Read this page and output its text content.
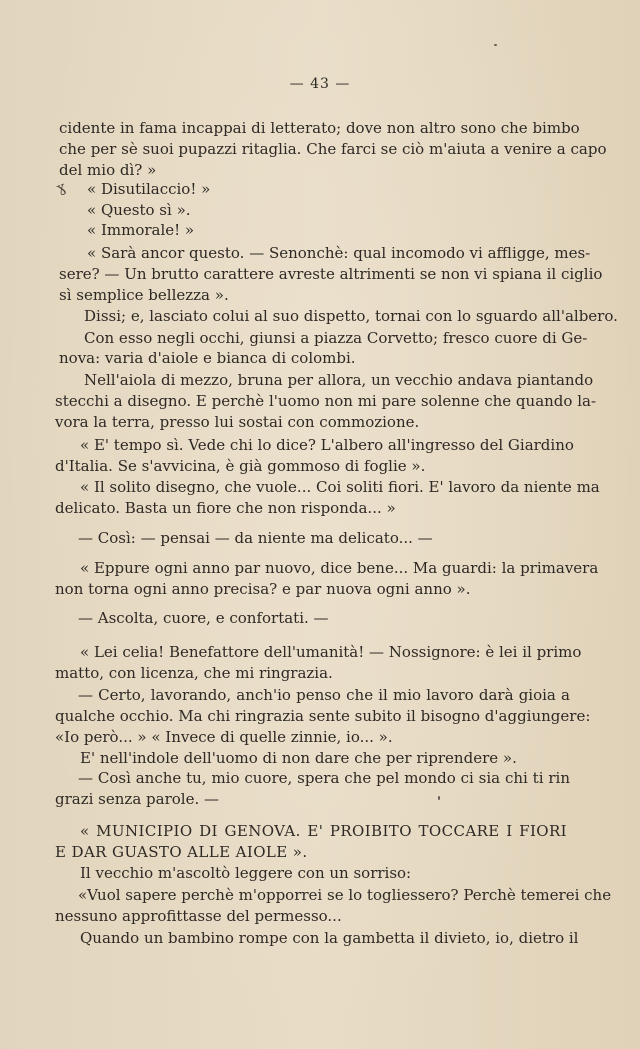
— 43 —
ɣ
cidente in fama incappai di letterato; dove non altro sono che bimbo
che per sè suoi pupazzi ritaglia. Che farci se ciò m'aiuta a venire a capo
del mio dì? »
« Disutilaccio! »
« Questo sì ».
« Immorale! »
« Sarà ancor questo. — Senonchè: qual incomodo vi affligge, mes-
sere? — Un brutto carattere avreste altrimenti se non vi spiana il ciglio
sì semplice bellezza ».
Dissi; e, lasciato colui al suo dispetto, tornai con lo sguardo all'albero.
Con esso negli occhi, giunsi a piazza Corvetto; fresco cuore di Ge-
nova: varia d'aiole e bianca di colombi.
Nell'aiola di mezzo, bruna per allora, un vecchio andava piantando
stecchi a disegno. E perchè l'uomo non mi pare solenne che quando la-
vora la terra, presso lui sostai con commozione.
« E' tempo sì. Vede chi lo dice? L'albero all'ingresso del Giardino
d'Italia. Se s'avvicina, è già gommoso di foglie ».
« Il solito disegno, che vuole... Coi soliti fiori. E' lavoro da niente ma
delicato. Basta un fiore che non risponda... »
— Così: — pensai — da niente ma delicato... —
« Eppure ogni anno par nuovo, dice bene... Ma guardi: la primavera
non torna ogni anno precisa? e par nuova ogni anno ».
— Ascolta, cuore, e confortati. —
« Lei celia! Benefattore dell'umanità! — Nossignore: è lei il primo
matto, con licenza, che mi ringrazia.
— Certo, lavorando, anch'io penso che il mio lavoro darà gioia a
qualche occhio. Ma chi ringrazia sente subito il bisogno d'aggiungere:
«Io però... » « Invece di quelle zinnie, io... ».
E' nell'indole dell'uomo di non dare che per riprendere ».
— Così anche tu, mio cuore, spera che pel mondo ci sia chi ti rin
grazi senza parole. —
« MUNICIPIO DI GENOVA. E' PROIBITO TOCCARE I FIORI
E DAR GUASTO ALLE AIOLE ».
Il vecchio m'ascoltò leggere con un sorriso:
«Vuol sapere perchè m'opporrei se lo togliessero? Perchè temerei che
nessuno approfittasse del permesso...
Quando un bambino rompe con la gambetta il divieto, io, dietro il
